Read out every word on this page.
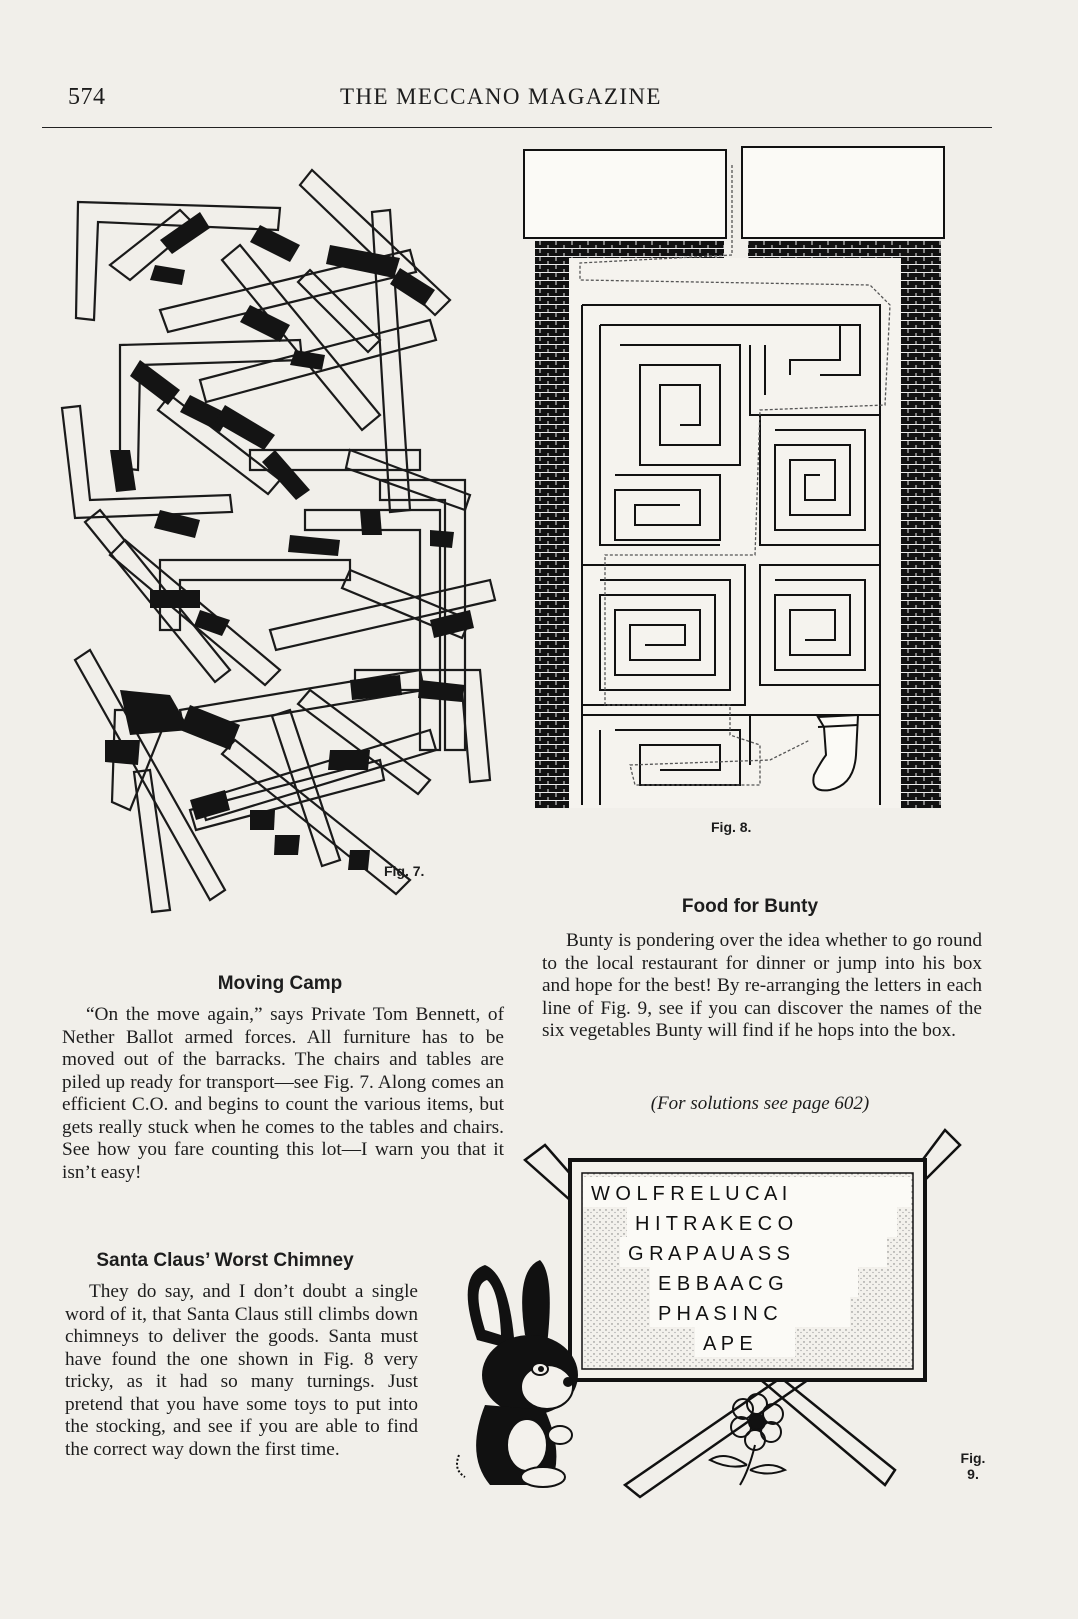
574	THE MECCANO MAGAZINE
Fig. 7.
Fig. 8.
Food for Bunty
Bunty is pondering over the idea whether to go round to the local restaurant for dinner or jump into his box and hope for the best! By re-arranging the letters in each line of Fig. 9, see if you can discover the names of the six vegetables Bunty will find if he hops into the box.
(For solutions see page 602)
Moving Camp
“On the move again,” says Private Tom Bennett, of Nether Ballot armed forces. All furniture has to be moved out of the barracks. The chairs and tables are piled up ready for transport—see Fig. 7. Along comes an efficient C.O. and begins to count the various items, but gets really stuck when he comes to the tables and chairs. See how you fare counting this lot—I warn you that it isn’t easy!
Santa Claus’ Worst Chimney
They do say, and I don’t doubt a single word of it, that Santa Claus still climbs down chimneys to deliver the goods. Santa must have found the one shown in Fig. 8 very tricky, as it had so many turnings. Just pretend that you have some toys to put into the stocking, and see if you are able to find the correct way down the first time.
W O L F R E L U C A I
H I T R A K E C O
G R A P A U A S S
E B B A A C G
P H A S I N C
A P E
Fig.
9.
